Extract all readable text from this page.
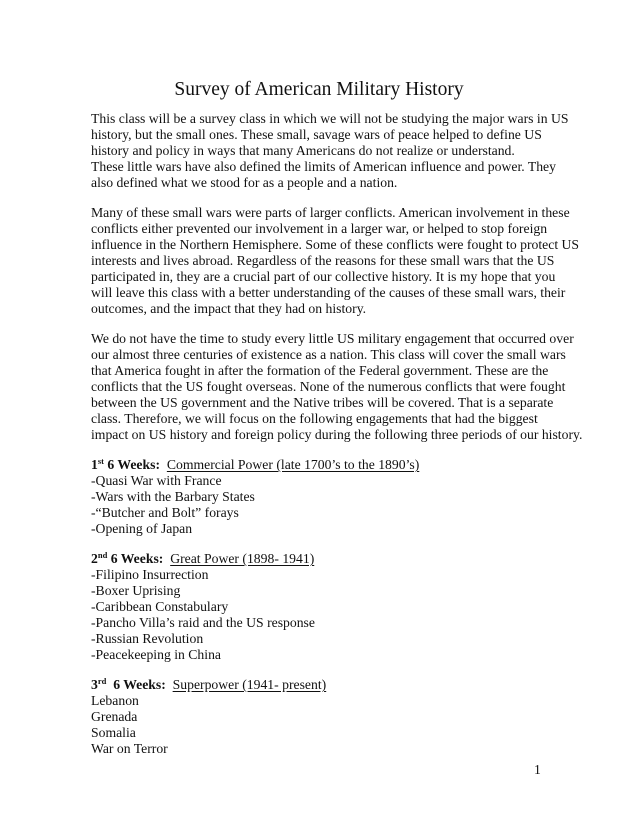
Survey of American Military History
This class will be a survey class in which we will not be studying the major wars in US
history, but the small ones. These small, savage wars of peace helped to define US
history and policy in ways that many Americans do not realize or understand.
These little wars have also defined the limits of American influence and power. They
also defined what we stood for as a people and a nation.
Many of these small wars were parts of larger conflicts. American involvement in these
conflicts either prevented our involvement in a larger war, or helped to stop foreign
influence in the Northern Hemisphere. Some of these conflicts were fought to protect US
interests and lives abroad. Regardless of the reasons for these small wars that the US
participated in, they are a crucial part of our collective history. It is my hope that you
will leave this class with a better understanding of the causes of these small wars, their
outcomes, and the impact that they had on history.
We do not have the time to study every little US military engagement that occurred over
our almost three centuries of existence as a nation. This class will cover the small wars
that America fought in after the formation of the Federal government. These are the
conflicts that the US fought overseas. None of the numerous conflicts that were fought
between the US government and the Native tribes will be covered. That is a separate
class. Therefore, we will focus on the following engagements that had the biggest
impact on US history and foreign policy during the following three periods of our history.
1st 6 Weeks: Commercial Power (late 1700’s to the 1890’s)
-Quasi War with France
-Wars with the Barbary States
-“Butcher and Bolt” forays
-Opening of Japan
2nd 6 Weeks: Great Power (1898- 1941)
-Filipino Insurrection
-Boxer Uprising
-Caribbean Constabulary
-Pancho Villa’s raid and the US response
-Russian Revolution
-Peacekeeping in China
3rd  6 Weeks: Superpower (1941- present)
Lebanon
Grenada
Somalia
War on Terror
1
